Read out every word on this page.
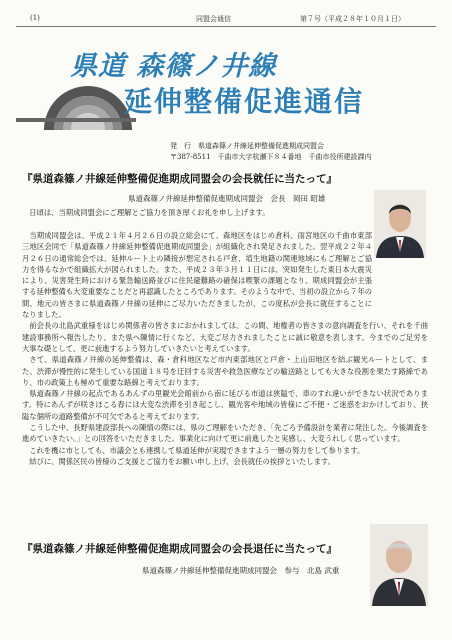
(1)	同盟会通信	第７号（平成２８年１０月１日）
県道 森篠ノ井線
延伸整備促進通信
発　行　県道森篠ノ井線延伸整備促進期成同盟会
〒387-8511　千曲市大字杭瀬下８４番地　千曲市役所建設課内
『県道森篠ノ井線延伸整備促進期成同盟会の会長就任に当たって』
県道森篠ノ井線延伸整備促進期成同盟会　会長　岡田 昭雄

日頃は、当期成同盟会にご理解とご協力を頂き厚くお礼を申し上げます。

当期成同盟会は、平成２１年４月２６日の設立総会にて、森地区をはじめ倉科、雨宮地区の千曲市東部三地区会同で「県道森篠ノ井線延伸整備促進期成同盟会」が組織化され発足されました。翌平成２２年４月２６日の通常総会では、延伸ルート上の隣接が想定される戸倉、埴生地籍の関連地域にもご理解とご協力を得るなかで組織拡大が図られました。また、平成２３年３月１１日には、突如発生した東日本大震災により、災害発生時における緊急輸送路並びに住民避難路の確保は喫緊の課題となり、期成同盟会が主張する延伸整備も大変重要なことだと再認識したところであります。そのような中で、当初の設立から７年の間、地元の皆さまに県道森篠ノ井線の延伸にご尽力いただきましたが、この度私が会長に就任することになりました。

前会長の北島武重様をはじめ関係者の皆さまにおかれましては、この間、地権者の皆さまの意向調査を行い、それを千曲建設事務所へ報告したり、また県へ陳情に行くなど、大変ご尽力されましたことに誠に敬意を表します。今までのご足労を大事な礎として、更に前進するよう努力していきたいと考えています。

さて、県道森篠ノ井線の延伸整備は、森・倉科地区など市内東部地区と戸倉・上山田地区を結ぶ観光ルートとして、また、渋滞が慢性的に発生している国道１８号を迂回する災害や救急医療などの輸送路としても大きな役割を果たす路線であり、市の政策上も極めて重要な路線と考えております。

県道森篠ノ井線の起点であるあんずの里観光会館前から南に延びる市道は狭隘で、車のすれ違いができない状況であります。特にあんずが咲きほこる春には大変な渋滞を引き起こし、観光客や地域の皆様にご不便・ご迷惑をおかけしており、狭隘な個所の道路整備が不可欠であると考えております。

こうした中、長野県建設部長への陳情の際には、県のご理解をいただき、「先ごろ予備設計を業者に発注した。今後調査を進めていきたい。」との回答をいただきました。事業化に向けて更に前進したと実感し、大変うれしく思っています。

これを機に市としても、市議会とも連携して県道延伸が実現できますよう一層の努力をして参ります。

結びに、関係区民の皆様のご支援とご協力をお願い申し上げ、会長就任の挨拶といたします。

『県道森篠ノ井線延伸整備促進期成同盟会の会長退任に当たって』
県道森篠ノ井線延伸整備促進期成同盟会　参与　北島 武重
